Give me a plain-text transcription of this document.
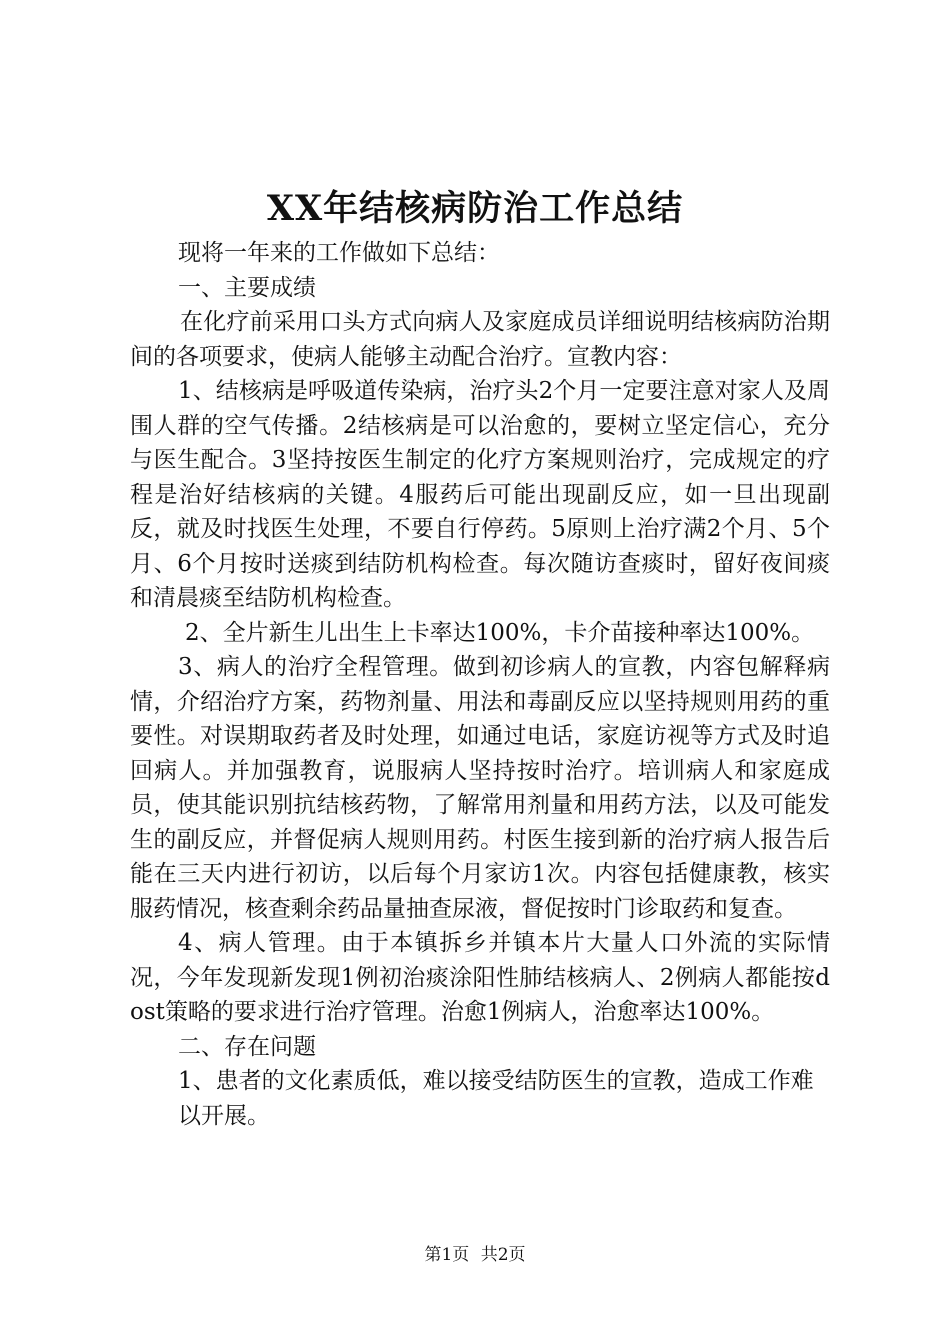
XX年结核病防治工作总结

现将一年来的工作做如下总结：

一、主要成绩

在化疗前采用口头方式向病人及家庭成员详细说明结核病防治期间的各项要求，使病人能够主动配合治疗。宣教内容：

1、结核病是呼吸道传染病，治疗头2个月一定要注意对家人及周围人群的空气传播。2结核病是可以治愈的，要树立坚定信心，充分与医生配合。3坚持按医生制定的化疗方案规则治疗，完成规定的疗程是治好结核病的关键。4服药后可能出现副反应，如一旦出现副反，就及时找医生处理，不要自行停药。5原则上治疗满2个月、5个月、6个月按时送痰到结防机构检查。每次随访查痰时，留好夜间痰和清晨痰至结防机构检查。

2、全片新生儿出生上卡率达100%，卡介苗接种率达100%。

3、病人的治疗全程管理。做到初诊病人的宣教，内容包解释病情，介绍治疗方案，药物剂量、用法和毒副反应以坚持规则用药的重要性。对误期取药者及时处理，如通过电话，家庭访视等方式及时追回病人。并加强教育，说服病人坚持按时治疗。培训病人和家庭成员，使其能识别抗结核药物，了解常用剂量和用药方法，以及可能发生的副反应，并督促病人规则用药。村医生接到新的治疗病人报告后能在三天内进行初访，以后每个月家访1次。内容包括健康教，核实服药情况，核查剩余药品量抽查尿液，督促按时门诊取药和复查。

4、病人管理。由于本镇拆乡并镇本片大量人口外流的实际情况，今年发现新发现1例初治痰涂阳性肺结核病人、2例病人都能按dost策略的要求进行治疗管理。治愈1例病人，治愈率达100%。

二、存在问题

1、患者的文化素质低，难以接受结防医生的宣教，造成工作难

以开展。

第1页 共2页
